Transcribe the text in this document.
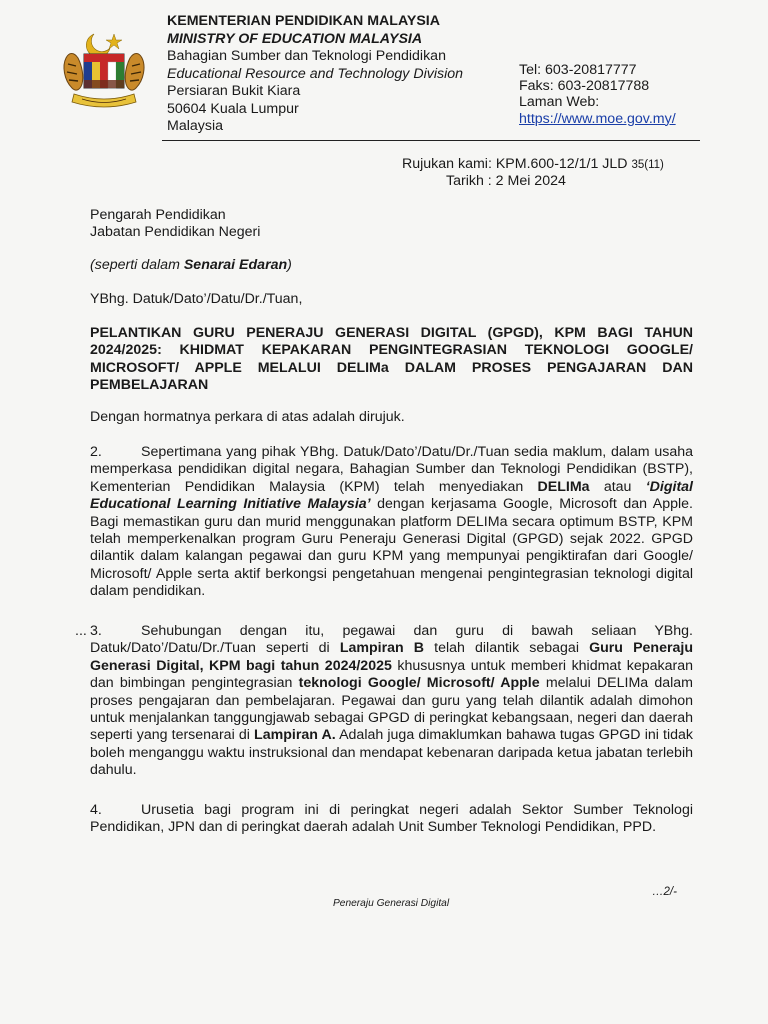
KEMENTERIAN PENDIDIKAN MALAYSIA
MINISTRY OF EDUCATION MALAYSIA
Bahagian Sumber dan Teknologi Pendidikan
Educational Resource and Technology Division
Persiaran Bukit Kiara
50604 Kuala Lumpur
Malaysia
Tel: 603-20817777
Faks: 603-20817788
Laman Web:
https://www.moe.gov.my/
Rujukan kami: KPM.600-12/1/1 JLD 35(11)
Tarikh : 2 Mei 2024
Pengarah Pendidikan
Jabatan Pendidikan Negeri
(seperti dalam Senarai Edaran)
YBhg. Datuk/Dato’/Datu/Dr./Tuan,
PELANTIKAN GURU PENERAJU GENERASI DIGITAL (GPGD), KPM BAGI TAHUN 2024/2025: KHIDMAT KEPAKARAN PENGINTEGRASIAN TEKNOLOGI GOOGLE/ MICROSOFT/ APPLE MELALUI DELIMa DALAM PROSES PENGAJARAN DAN PEMBELAJARAN
Dengan hormatnya perkara di atas adalah dirujuk.
2.	Sepertimana yang pihak YBhg. Datuk/Dato’/Datu/Dr./Tuan sedia maklum, dalam usaha memperkasa pendidikan digital negara, Bahagian Sumber dan Teknologi Pendidikan (BSTP), Kementerian Pendidikan Malaysia (KPM) telah menyediakan DELIMa atau ‘Digital Educational Learning Initiative Malaysia’ dengan kerjasama Google, Microsoft dan Apple. Bagi memastikan guru dan murid menggunakan platform DELIMa secara optimum BSTP, KPM telah memperkenalkan program Guru Peneraju Generasi Digital (GPGD) sejak 2022. GPGD dilantik dalam kalangan pegawai dan guru KPM yang mempunyai pengiktirafan dari Google/ Microsoft/ Apple serta aktif berkongsi pengetahuan mengenai pengintegrasian teknologi digital dalam pendidikan.
... 3.	Sehubungan dengan itu, pegawai dan guru di bawah seliaan YBhg. Datuk/Dato’/Datu/Dr./Tuan seperti di Lampiran B telah dilantik sebagai Guru Peneraju Generasi Digital, KPM bagi tahun 2024/2025 khususnya untuk memberi khidmat kepakaran dan bimbingan pengintegrasian teknologi Google/ Microsoft/ Apple melalui DELIMa dalam proses pengajaran dan pembelajaran. Pegawai dan guru yang telah dilantik adalah dimohon untuk menjalankan tanggungjawab sebagai GPGD di peringkat kebangsaan, negeri dan daerah seperti yang tersenarai di Lampiran A. Adalah juga dimaklumkan bahawa tugas GPGD ini tidak boleh menganggu waktu instruksional dan mendapat kebenaran daripada ketua jabatan terlebih dahulu.
4.	Urusetia bagi program ini di peringkat negeri adalah Sektor Sumber Teknologi Pendidikan, JPN dan di peringkat daerah adalah Unit Sumber Teknologi Pendidikan, PPD.
…2/-
Peneraju Generasi Digital
